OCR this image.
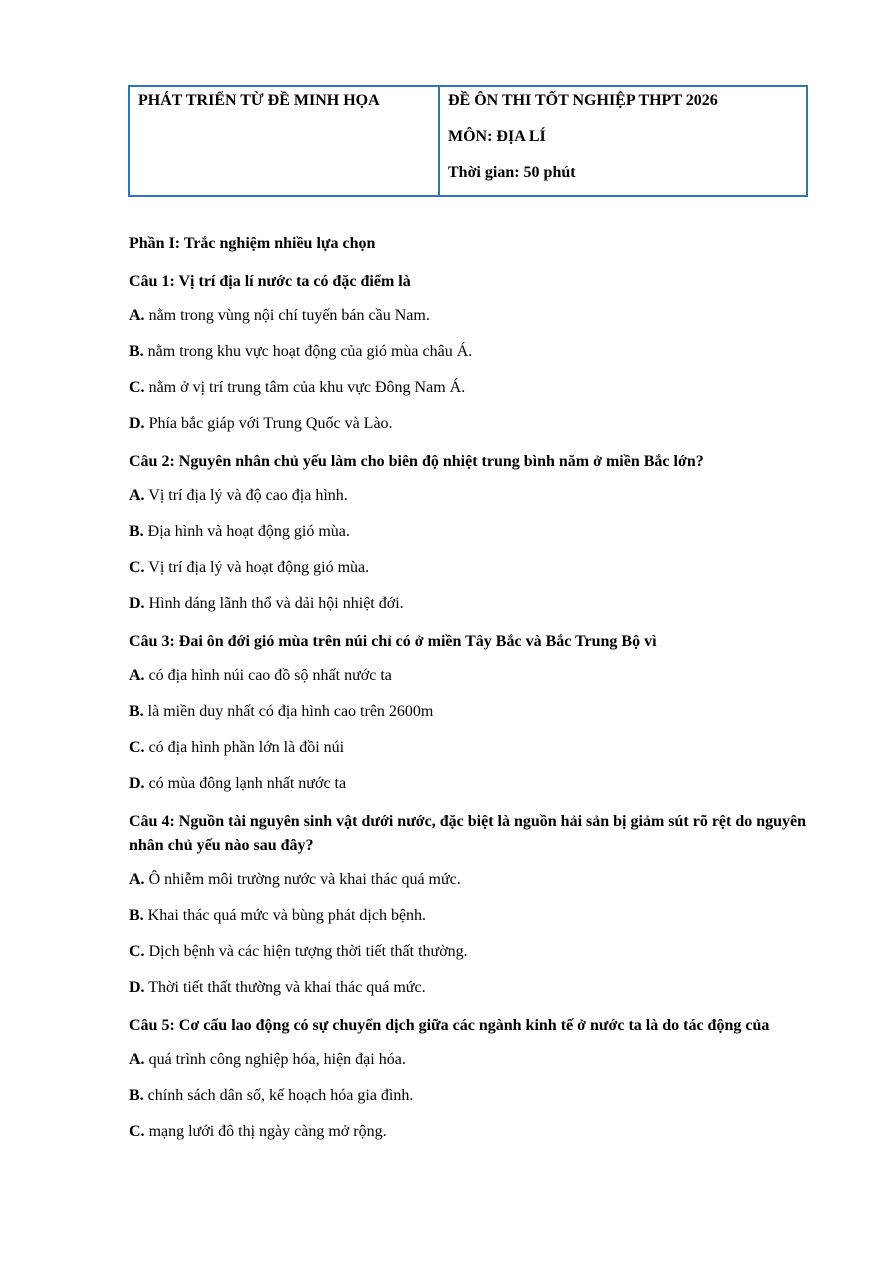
PHÁT TRIỂN TỪ ĐỀ MINH HỌA	ĐỀ ÔN THI TỐT NGHIỆP THPT 2026
MÔN: ĐỊA LÍ
Thời gian: 50 phút
Phần I: Trắc nghiệm nhiều lựa chọn
Câu 1: Vị trí địa lí nước ta có đặc điểm là
A. nằm trong vùng nội chí tuyến bán cầu Nam.
B. nằm trong khu vực hoạt động của gió mùa châu Á.
C. nằm ở vị trí trung tâm của khu vực Đông Nam Á.
D. Phía bắc giáp với Trung Quốc và Lào.
Câu 2: Nguyên nhân chủ yếu làm cho biên độ nhiệt trung bình năm ở miền Bắc lớn?
A. Vị trí địa lý và độ cao địa hình.
B. Địa hình và hoạt động gió mùa.
C. Vị trí địa lý và hoạt động gió mùa.
D. Hình dáng lãnh thổ và dải hội nhiệt đới.
Câu 3: Đai ôn đới gió mùa trên núi chỉ có ở miền Tây Bắc và Bắc Trung Bộ vì
A. có địa hình núi cao đồ sộ nhất nước ta
B. là miền duy nhất có địa hình cao trên 2600m
C. có địa hình phần lớn là đồi núi
D. có mùa đông lạnh nhất nước ta
Câu 4: Nguồn tài nguyên sinh vật dưới nước, đặc biệt là nguồn hải sản bị giảm sút rõ rệt do nguyên nhân chủ yếu nào sau đây?
A. Ô nhiễm môi trường nước và khai thác quá mức.
B. Khai thác quá mức và bùng phát dịch bệnh.
C. Dịch bệnh và các hiện tượng thời tiết thất thường.
D. Thời tiết thất thường và khai thác quá mức.
Câu 5: Cơ cấu lao động có sự chuyển dịch giữa các ngành kinh tế ở nước ta là do tác động của
A. quá trình công nghiệp hóa, hiện đại hóa.
B. chính sách dân số, kế hoạch hóa gia đình.
C. mạng lưới đô thị ngày càng mở rộng.
